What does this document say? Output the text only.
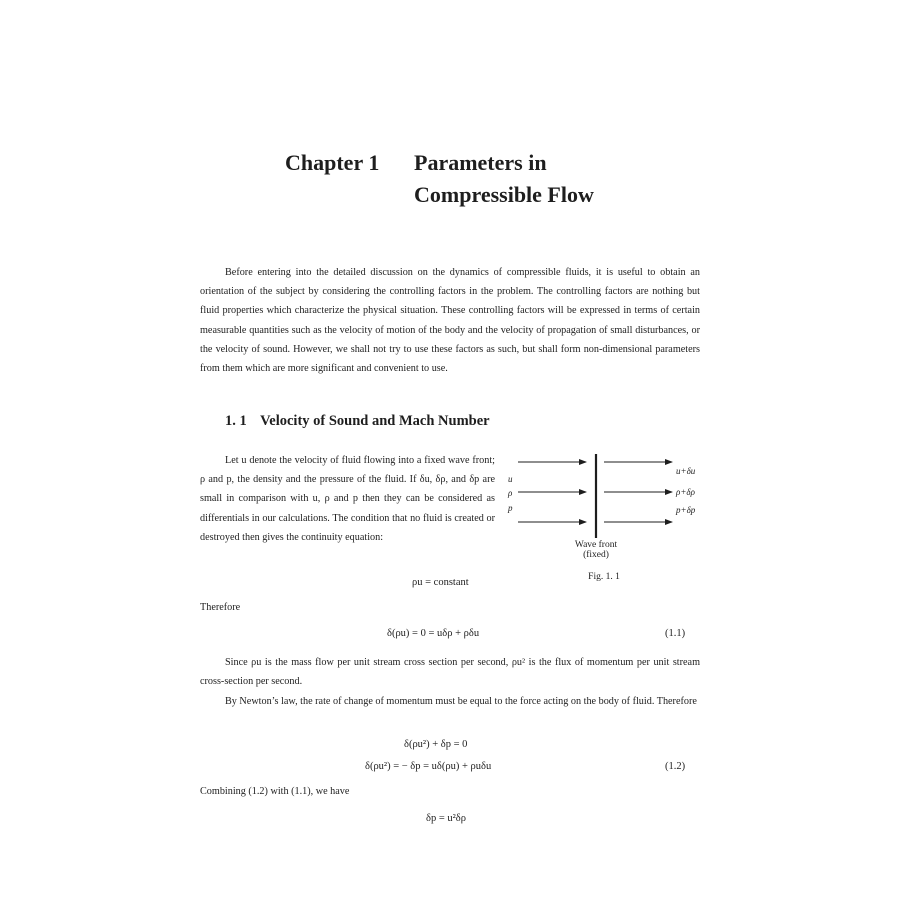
Chapter 1 Parameters in
Compressible Flow
Before entering into the detailed discussion on the dynamics of compressible fluids, it is useful to obtain an orientation of the subject by considering the controlling factors in the problem. The controlling factors are nothing but fluid properties which characterize the physical situation. These controlling factors will be expressed in terms of certain measurable quantities such as the velocity of motion of the body and the velocity of propagation of small disturbances, or the velocity of sound. However, we shall not try to use these factors as such, but shall form non-dimensional parameters from them which are more significant and convenient to use.
1. 1 Velocity of Sound and Mach Number
Let u denote the velocity of fluid flowing into a fixed wave front; ρ and p, the density and the pressure of the fluid. If δu, δρ, and δp are small in comparison with u, ρ and p then they can be considered as differentials in our calculations. The condition that no fluid is created or destroyed then gives the continuity equation:
u
ρ
p
u+δu
ρ+δρ
p+δp
Wave front
(fixed)
Fig. 1. 1
ρu = constant
Therefore
δ(ρu) = 0 = uδρ + ρδu	(1.1)
Since ρu is the mass flow per unit stream cross section per second, ρu² is the flux of momentum per unit stream cross-section per second.
By Newton’s law, the rate of change of momentum must be equal to the force acting on the body of fluid. Therefore
δ(ρu²) + δp = 0
δ(ρu²) = − δp = uδ(ρu) + ρuδu	(1.2)
Combining (1.2) with (1.1), we have
δp = u²δρ
